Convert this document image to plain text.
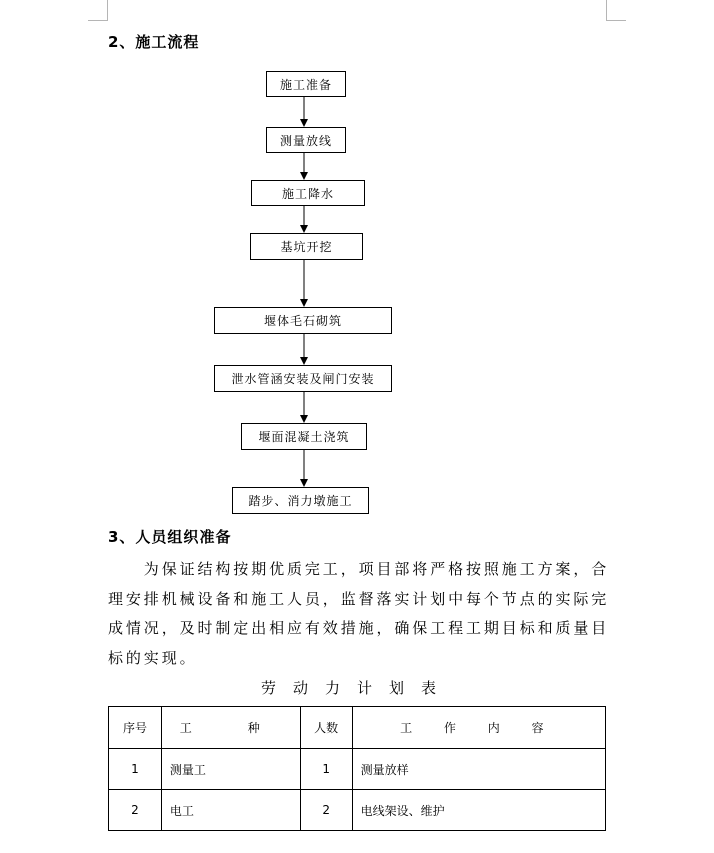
2、施工流程
施工准备
测量放线
施工降水
基坑开挖
堰体毛石砌筑
泄水管涵安装及闸门安装
堰面混凝土浇筑
踏步、消力墩施工
3、人员组织准备
　　为保证结构按期优质完工，项目部将严格按照施工方案，合
理安排机械设备和施工人员，监督落实计划中每个节点的实际完
成情况，及时制定出相应有效措施，确保工程工期目标和质量目
标的实现。
劳动力计划表
序号	工　种	人数	工 作 内 容
1	测量工	1	测量放样
2	电工	2	电线架设、维护
